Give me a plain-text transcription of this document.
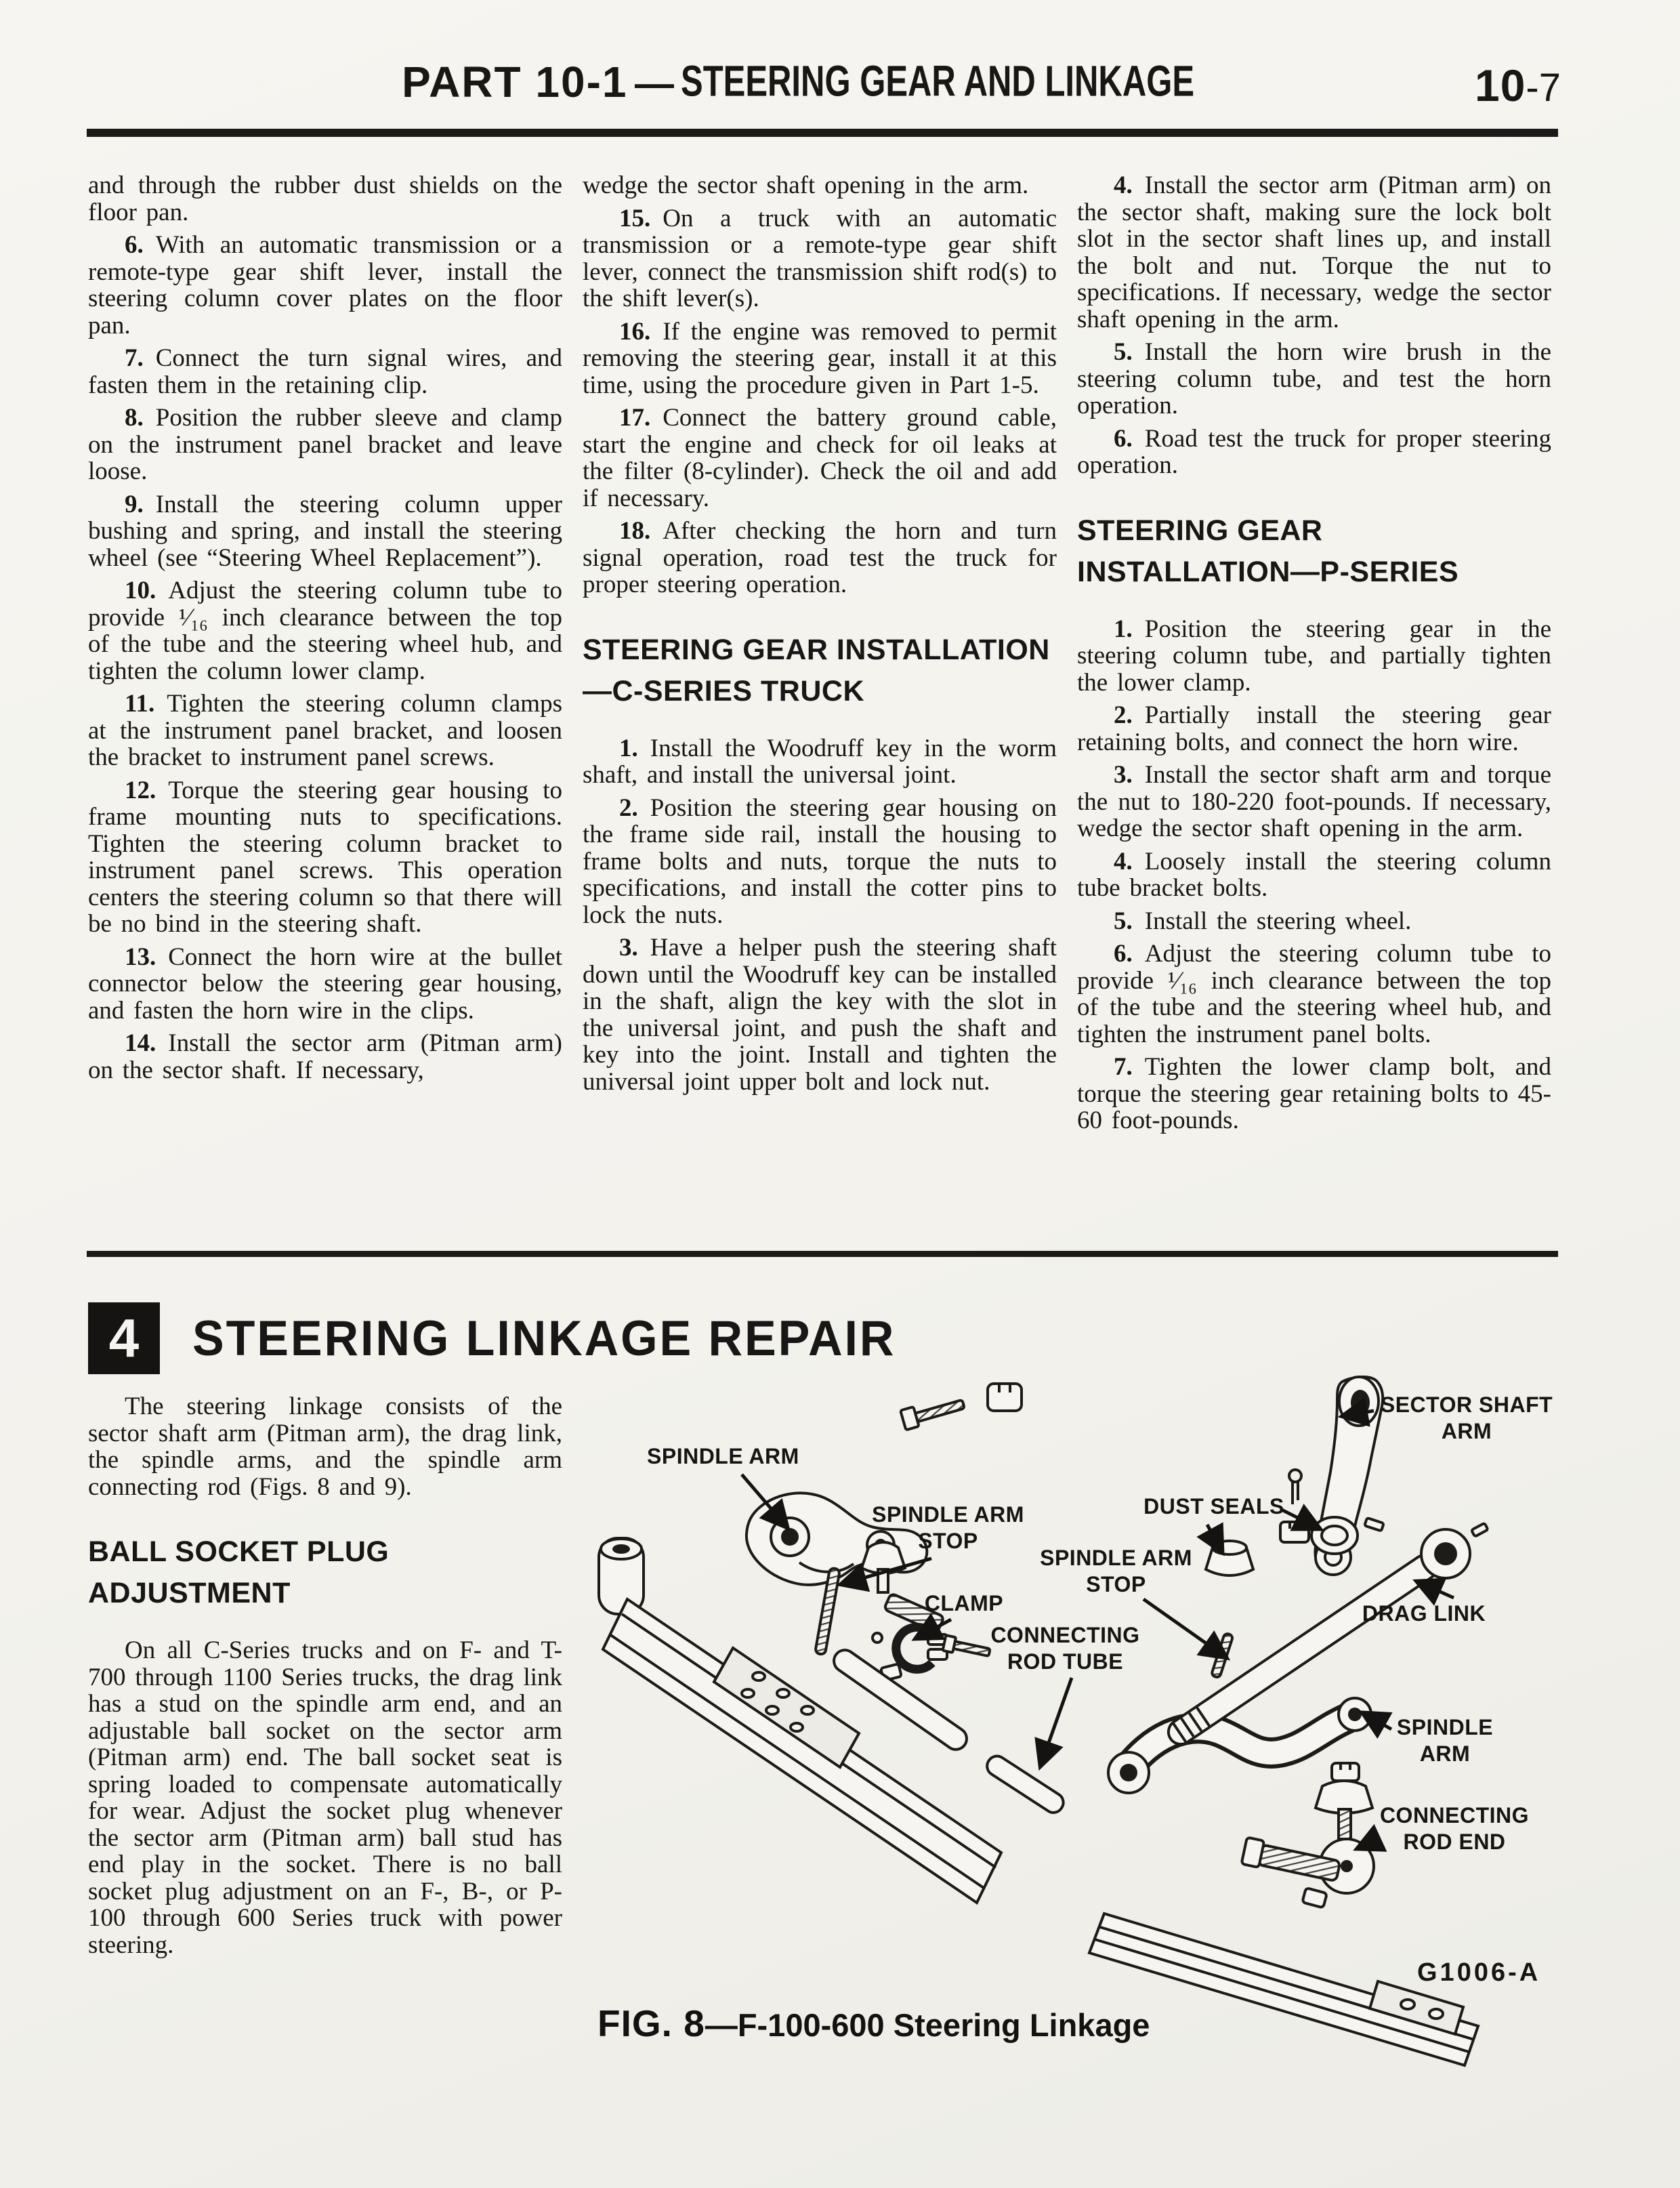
PART 10-1 — STEERING GEAR AND LINKAGE	10-7

and through the rubber dust shields on the floor pan.

6. With an automatic transmission or a remote-type gear shift lever, install the steering column cover plates on the floor pan.

7. Connect the turn signal wires, and fasten them in the retaining clip.

8. Position the rubber sleeve and clamp on the instrument panel bracket and leave loose.

9. Install the steering column upper bushing and spring, and install the steering wheel (see “Steering Wheel Replacement”).

10. Adjust the steering column tube to provide ¹⁄₁₆ inch clearance between the top of the tube and the steering wheel hub, and tighten the column lower clamp.

11. Tighten the steering column clamps at the instrument panel bracket, and loosen the bracket to instrument panel screws.

12. Torque the steering gear housing to frame mounting nuts to specifications. Tighten the steering column bracket to instrument panel screws. This operation centers the steering column so that there will be no bind in the steering shaft.

13. Connect the horn wire at the bullet connector below the steering gear housing, and fasten the horn wire in the clips.

14. Install the sector arm (Pitman arm) on the sector shaft. If necessary,

wedge the sector shaft opening in the arm.

15. On a truck with an automatic transmission or a remote-type gear shift lever, connect the transmission shift rod(s) to the shift lever(s).

16. If the engine was removed to permit removing the steering gear, install it at this time, using the procedure given in Part 1-5.

17. Connect the battery ground cable, start the engine and check for oil leaks at the filter (8-cylinder). Check the oil and add if necessary.

18. After checking the horn and turn signal operation, road test the truck for proper steering operation.

STEERING GEAR INSTALLATION
—C-SERIES TRUCK

1. Install the Woodruff key in the worm shaft, and install the universal joint.

2. Position the steering gear housing on the frame side rail, install the housing to frame bolts and nuts, torque the nuts to specifications, and install the cotter pins to lock the nuts.

3. Have a helper push the steering shaft down until the Woodruff key can be installed in the shaft, align the key with the slot in the universal joint, and push the shaft and key into the joint. Install and tighten the universal joint upper bolt and lock nut.

4. Install the sector arm (Pitman arm) on the sector shaft, making sure the lock bolt slot in the sector shaft lines up, and install the bolt and nut. Torque the nut to specifications. If necessary, wedge the sector shaft opening in the arm.

5. Install the horn wire brush in the steering column tube, and test the horn operation.

6. Road test the truck for proper steering operation.

STEERING GEAR
INSTALLATION—P-SERIES

1. Position the steering gear in the steering column tube, and partially tighten the lower clamp.

2. Partially install the steering gear retaining bolts, and connect the horn wire.

3. Install the sector shaft arm and torque the nut to 180-220 foot-pounds. If necessary, wedge the sector shaft opening in the arm.

4. Loosely install the steering column tube bracket bolts.

5. Install the steering wheel.

6. Adjust the steering column tube to provide ¹⁄₁₆ inch clearance between the top of the tube and the steering wheel hub, and tighten the instrument panel bolts.

7. Tighten the lower clamp bolt, and torque the steering gear retaining bolts to 45-60 foot-pounds.

4 STEERING LINKAGE REPAIR

The steering linkage consists of the sector shaft arm (Pitman arm), the drag link, the spindle arms, and the spindle arm connecting rod (Figs. 8 and 9).

BALL SOCKET PLUG
ADJUSTMENT

On all C-Series trucks and on F- and T-700 through 1100 Series trucks, the drag link has a stud on the spindle arm end, and an adjustable ball socket on the sector arm (Pitman arm) end. The ball socket seat is spring loaded to compensate automatically for wear. Adjust the socket plug whenever the sector arm (Pitman arm) ball stud has end play in the socket. There is no ball socket plug adjustment on an F-, B-, or P-100 through 600 Series truck with power steering.

SPINDLE ARM
SPINDLE ARM STOP
CLAMP
CONNECTING ROD TUBE
SECTOR SHAFT ARM
DUST SEALS
SPINDLE ARM STOP
DRAG LINK
SPINDLE ARM
CONNECTING ROD END
G1006-A
FIG. 8—F-100-600 Steering Linkage
